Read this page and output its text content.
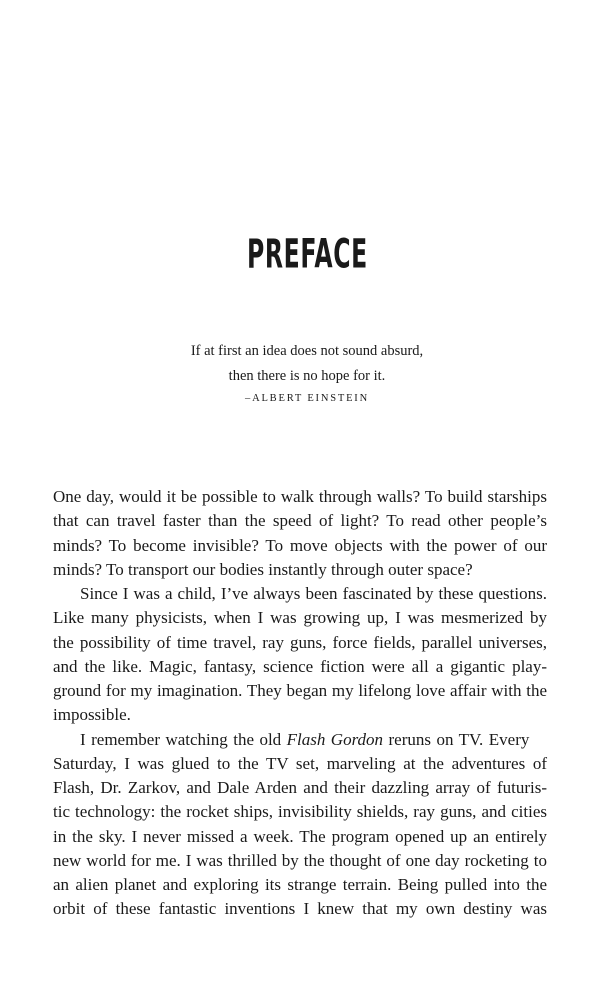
PREFACE
If at first an idea does not sound absurd,
then there is no hope for it.
–ALBERT EINSTEIN
One day, would it be possible to walk through walls? To build starships
that can travel faster than the speed of light? To read other people’s
minds? To become invisible? To move objects with the power of our
minds? To transport our bodies instantly through outer space?
Since I was a child, I’ve always been fascinated by these questions.
Like many physicists, when I was growing up, I was mesmerized by
the possibility of time travel, ray guns, force fields, parallel universes,
and the like. Magic, fantasy, science fiction were all a gigantic play-
ground for my imagination. They began my lifelong love affair with the
impossible.
I remember watching the old Flash Gordon reruns on TV. Every
Saturday, I was glued to the TV set, marveling at the adventures of
Flash, Dr. Zarkov, and Dale Arden and their dazzling array of futuris-
tic technology: the rocket ships, invisibility shields, ray guns, and cities
in the sky. I never missed a week. The program opened up an entirely
new world for me. I was thrilled by the thought of one day rocketing to
an alien planet and exploring its strange terrain. Being pulled into the
orbit of these fantastic inventions I knew that my own destiny was
